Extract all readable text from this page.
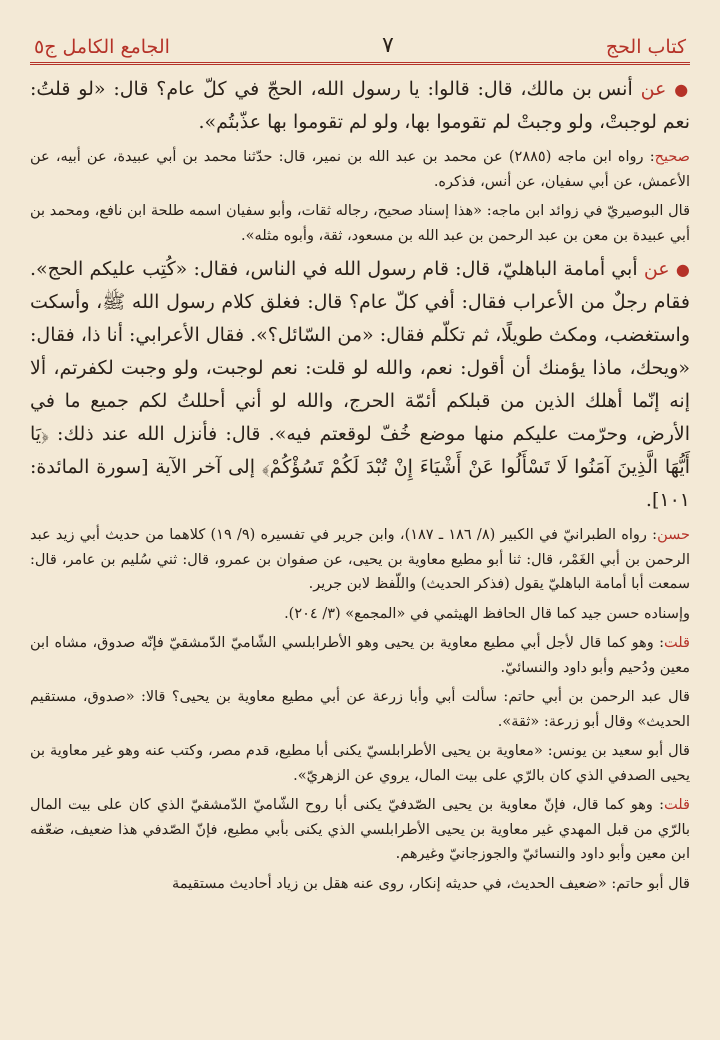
كتاب الحج
٧
الجامع الكامل ج٥

● عن أنس بن مالك، قال: قالوا: يا رسول الله، الحجّ في كلّ عام؟ قال: «لو قلتُ: نعم لوجبتْ، ولو وجبتْ لم تقوموا بها، ولو لم تقوموا بها عذّبتُم».

صحيح: رواه ابن ماجه (٢٨٨٥) عن محمد بن عبد الله بن نمير، قال: حدّثنا محمد بن أبي عبيدة، عن أبيه، عن الأعمش، عن أبي سفيان، عن أنس، فذكره.

قال البوصيريّ في زوائد ابن ماجه: «هذا إسناد صحيح، رجاله ثقات، وأبو سفيان اسمه طلحة ابن نافع، ومحمد بن أبي عبيدة بن معن بن عبد الرحمن بن عبد الله بن مسعود، ثقة، وأبوه مثله».

● عن أبي أمامة الباهليّ، قال: قام رسول الله في الناس، فقال: «كُتِب عليكم الحج». فقام رجلٌ من الأعراب فقال: أفي كلّ عام؟ قال: فغلق كلام رسول الله ﷺ، وأسكت واستغضب، ومكث طويلًا، ثم تكلّم فقال: «من السّائل؟». فقال الأعرابي: أنا ذا، فقال: «ويحك، ماذا يؤمنك أن أقول: نعم، والله لو قلت: نعم لوجبت، ولو وجبت لكفرتم، ألا إنه إنّما أهلك الذين من قبلكم أئمّة الحرج، والله لو أني أحللتُ لكم جميع ما في الأرض، وحرّمت عليكم منها موضع خُفّ لوقعتم فيه». قال: فأنزل الله عند ذلك: ﴿يَا أَيُّهَا الَّذِينَ آمَنُوا لَا تَسْأَلُوا عَنْ أَشْيَاءَ إِنْ تُبْدَ لَكُمْ تَسُؤْكُمْ﴾ إلى آخر الآية [سورة المائدة: ١٠١].

حسن: رواه الطبرانيّ في الكبير (٨/ ١٨٦ ـ ١٨٧)، وابن جرير في تفسيره (٩/ ١٩) كلاهما من حديث أبي زيد عبد الرحمن بن أبي الغَمْر، قال: ثنا أبو مطيع معاوية بن يحيى، عن صفوان بن عمرو، قال: ثني سُليم بن عامر، قال: سمعت أبا أمامة الباهليّ يقول (فذكر الحديث) واللّفظ لابن جرير.

وإسناده حسن جيد كما قال الحافظ الهيثمي في «المجمع» (٣/ ٢٠٤).

قلت: وهو كما قال لأجل أبي مطيع معاوية بن يحيى وهو الأطرابلسي الشّاميّ الدّمشقيّ فإنّه صدوق، مشاه ابن معين ودُحيم وأبو داود والنسائيّ.

قال عبد الرحمن بن أبي حاتم: سألت أبي وأبا زرعة عن أبي مطيع معاوية بن يحيى؟ قالا: «صدوق، مستقيم الحديث» وقال أبو زرعة: «ثقة».

قال أبو سعيد بن يونس: «معاوية بن يحيى الأطرابلسيّ يكنى أبا مطيع، قدم مصر، وكتب عنه وهو غير معاوية بن يحيى الصدفي الذي كان بالرّي على بيت المال، يروي عن الزهريّ».

قلت: وهو كما قال، فإنّ معاوية بن يحيى الصّدفيّ يكنى أبا روح الشّاميّ الدّمشقيّ الذي كان على بيت المال بالرّي من قبل المهدي غير معاوية بن يحيى الأطرابلسي الذي يكنى بأبي مطيع، فإنّ الصّدفي هذا ضعيف، ضعّفه ابن معين وأبو داود والنسائيّ والجوزجانيّ وغيرهم.

قال أبو حاتم: «ضعيف الحديث، في حديثه إنكار، روى عنه هقل بن زياد أحاديث مستقيمة
